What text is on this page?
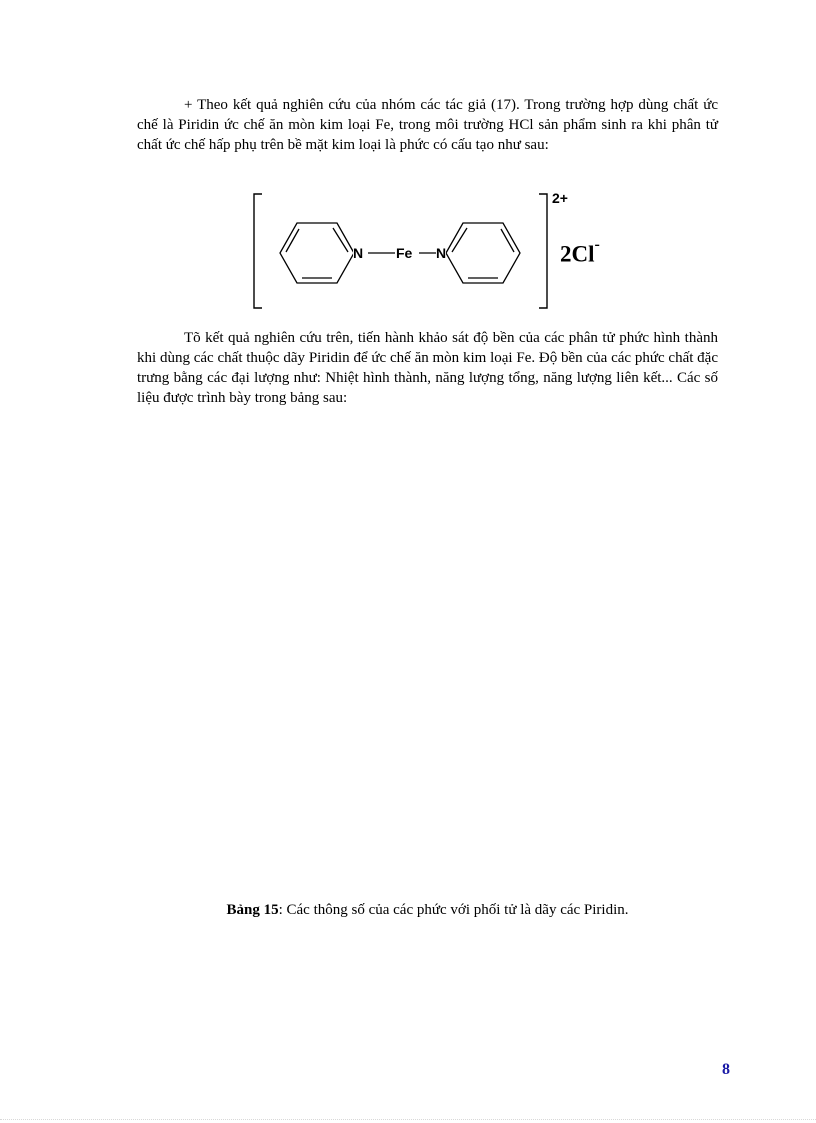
+ Theo kết quả nghiên cứu của nhóm các tác giả (17). Trong trường hợp dùng chất ức chế là Piridin ức chế ăn mòn kim loại Fe, trong môi trường HCl sản phẩm sinh ra khi phân tử chất ức chế hấp phụ trên bề mặt kim loại là phức có cấu tạo như sau:

N Fe N
2+
2Cl-

Tõ kết quả nghiên cứu trên, tiến hành khảo sát độ bền của các phân tử phức hình thành khi dùng các chất thuộc dãy Piridin để ức chế ăn mòn kim loại Fe. Độ bền của các phức chất đặc trưng bằng các đại lượng như: Nhiệt hình thành, năng lượng tổng, năng lượng liên kết... Các số liệu được trình bày trong bảng sau:

Bảng 15: Các thông số của các phức với phối tử là dãy các Piridin.
8
